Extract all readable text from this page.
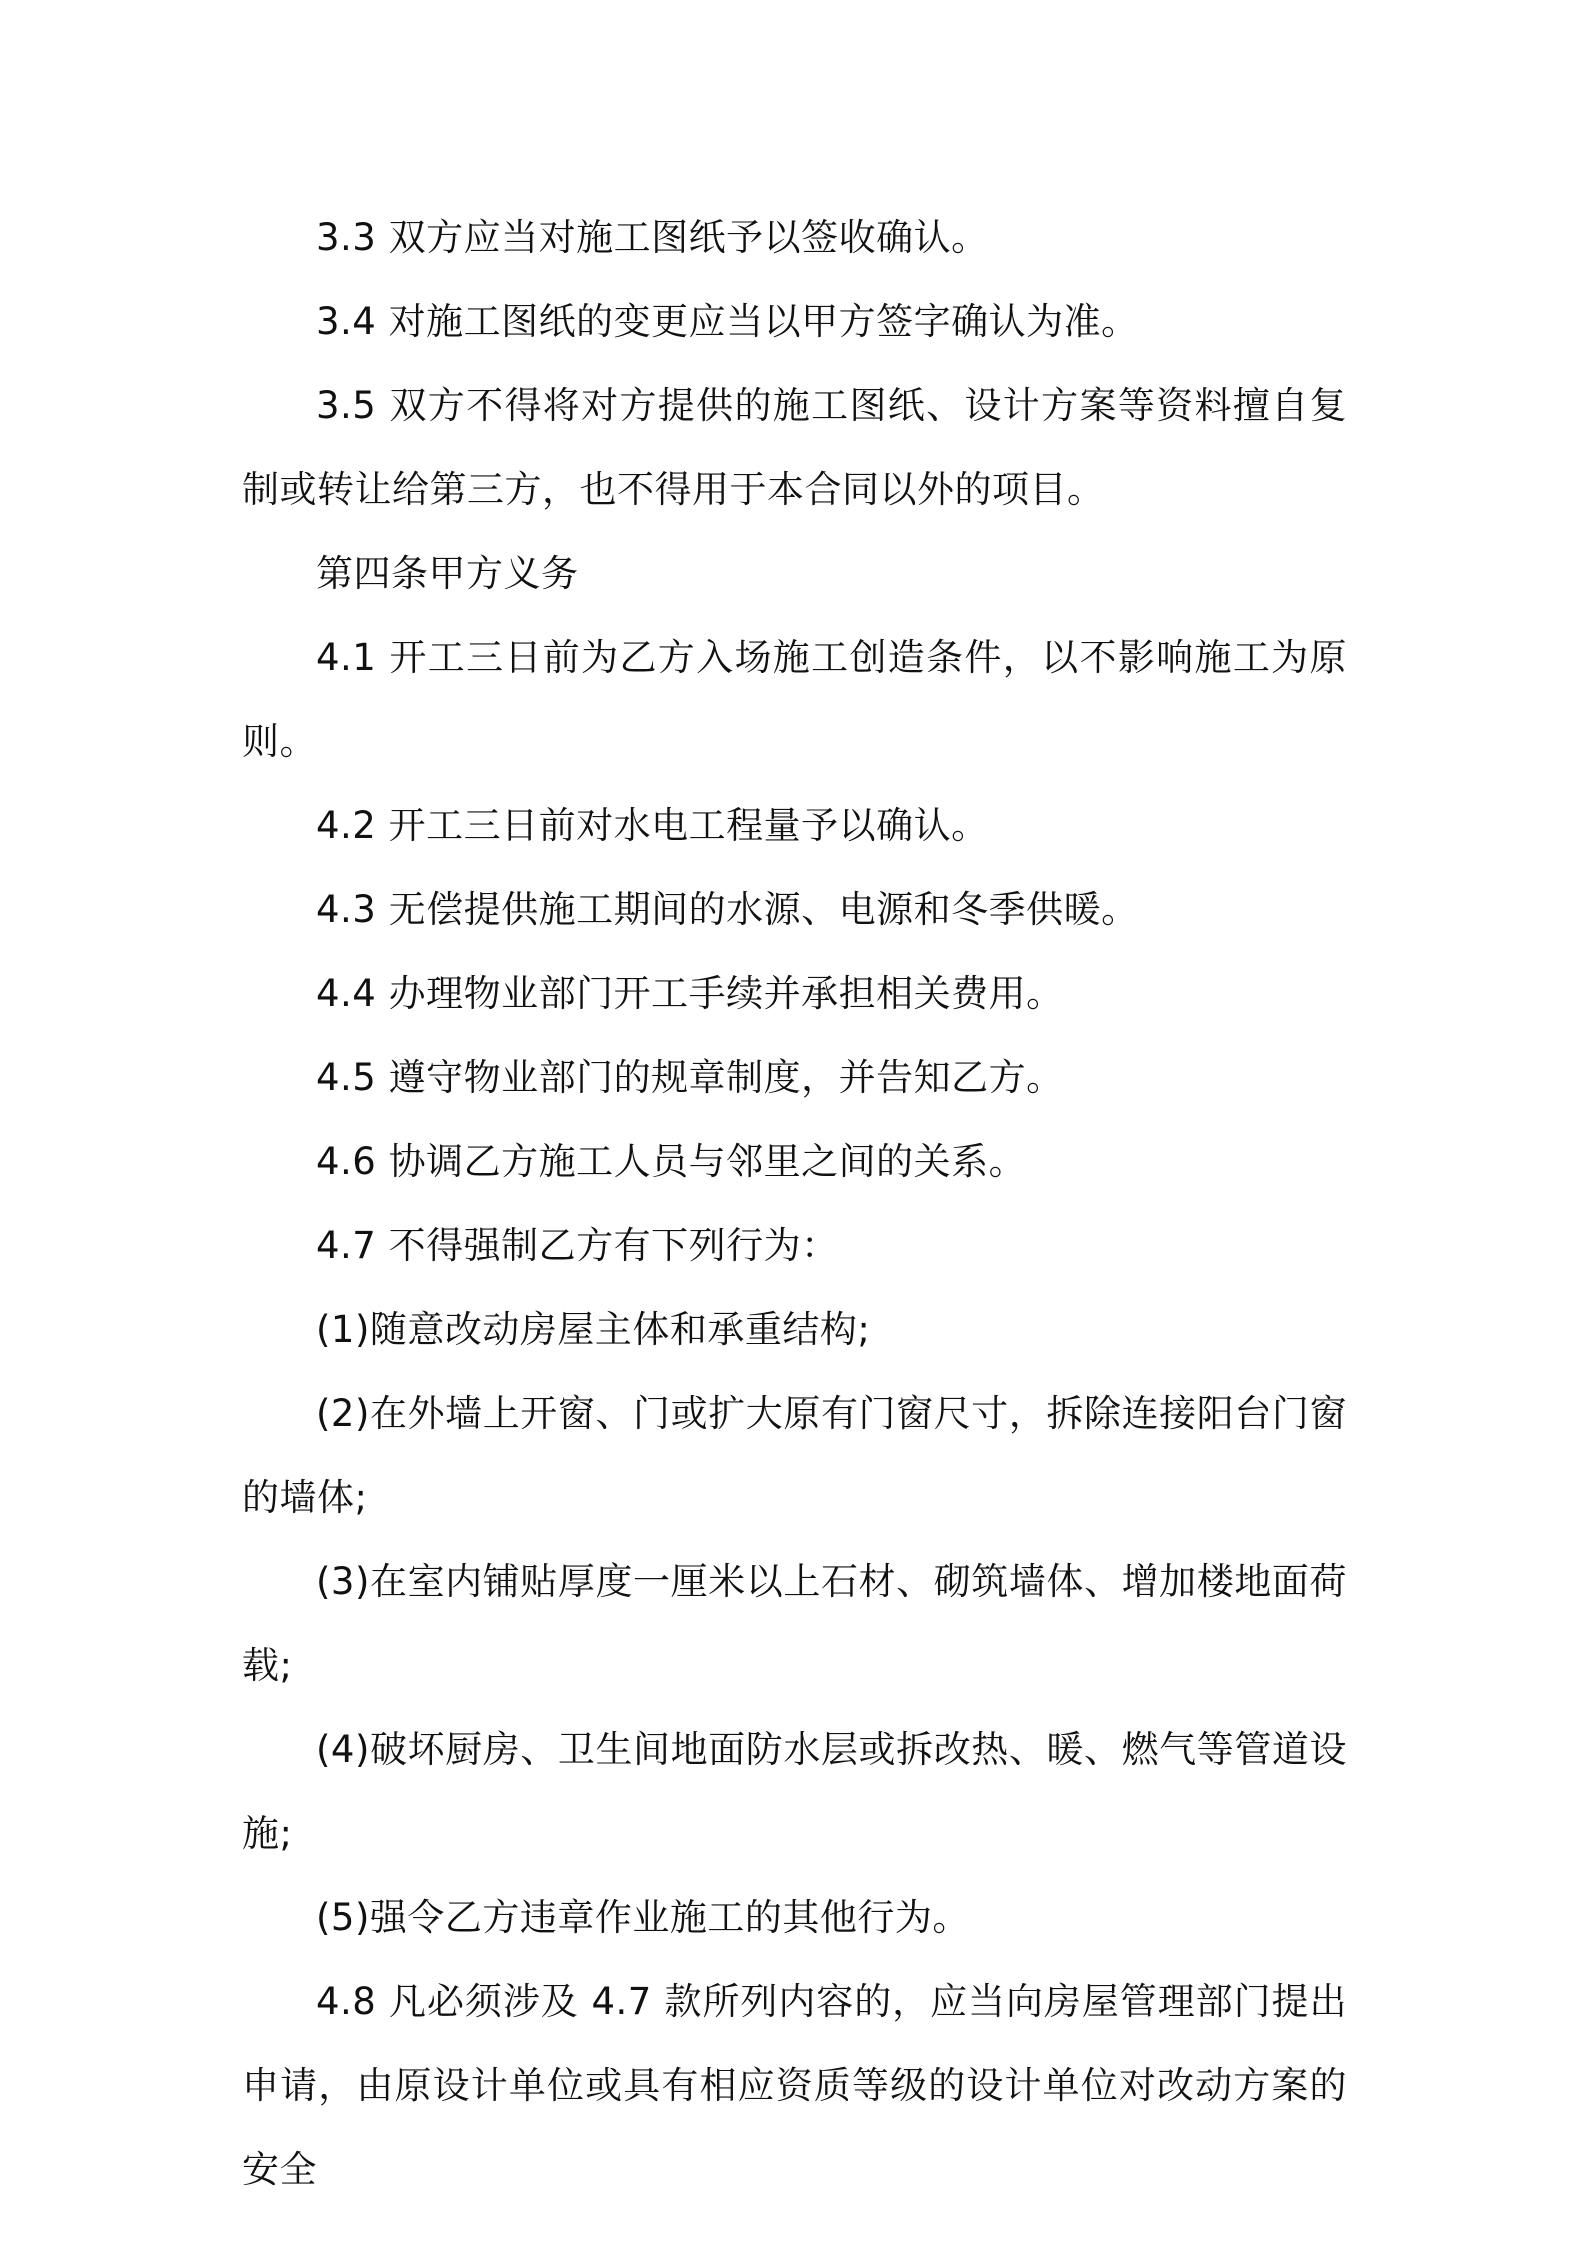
3.3 双方应当对施工图纸予以签收确认。

3.4 对施工图纸的变更应当以甲方签字确认为准。

3.5 双方不得将对方提供的施工图纸、设计方案等资料擅自复制或转让给第三方，也不得用于本合同以外的项目。

第四条甲方义务

4.1 开工三日前为乙方入场施工创造条件，以不影响施工为原则。

4.2 开工三日前对水电工程量予以确认。

4.3 无偿提供施工期间的水源、电源和冬季供暖。

4.4 办理物业部门开工手续并承担相关费用。

4.5 遵守物业部门的规章制度，并告知乙方。

4.6 协调乙方施工人员与邻里之间的关系。

4.7 不得强制乙方有下列行为：

(1)随意改动房屋主体和承重结构;

(2)在外墙上开窗、门或扩大原有门窗尺寸，拆除连接阳台门窗的墙体;

(3)在室内铺贴厚度一厘米以上石材、砌筑墙体、增加楼地面荷载;

(4)破坏厨房、卫生间地面防水层或拆改热、暖、燃气等管道设施;

(5)强令乙方违章作业施工的其他行为。

4.8 凡必须涉及 4.7 款所列内容的，应当向房屋管理部门提出申请，由原设计单位或具有相应资质等级的设计单位对改动方案的安全
